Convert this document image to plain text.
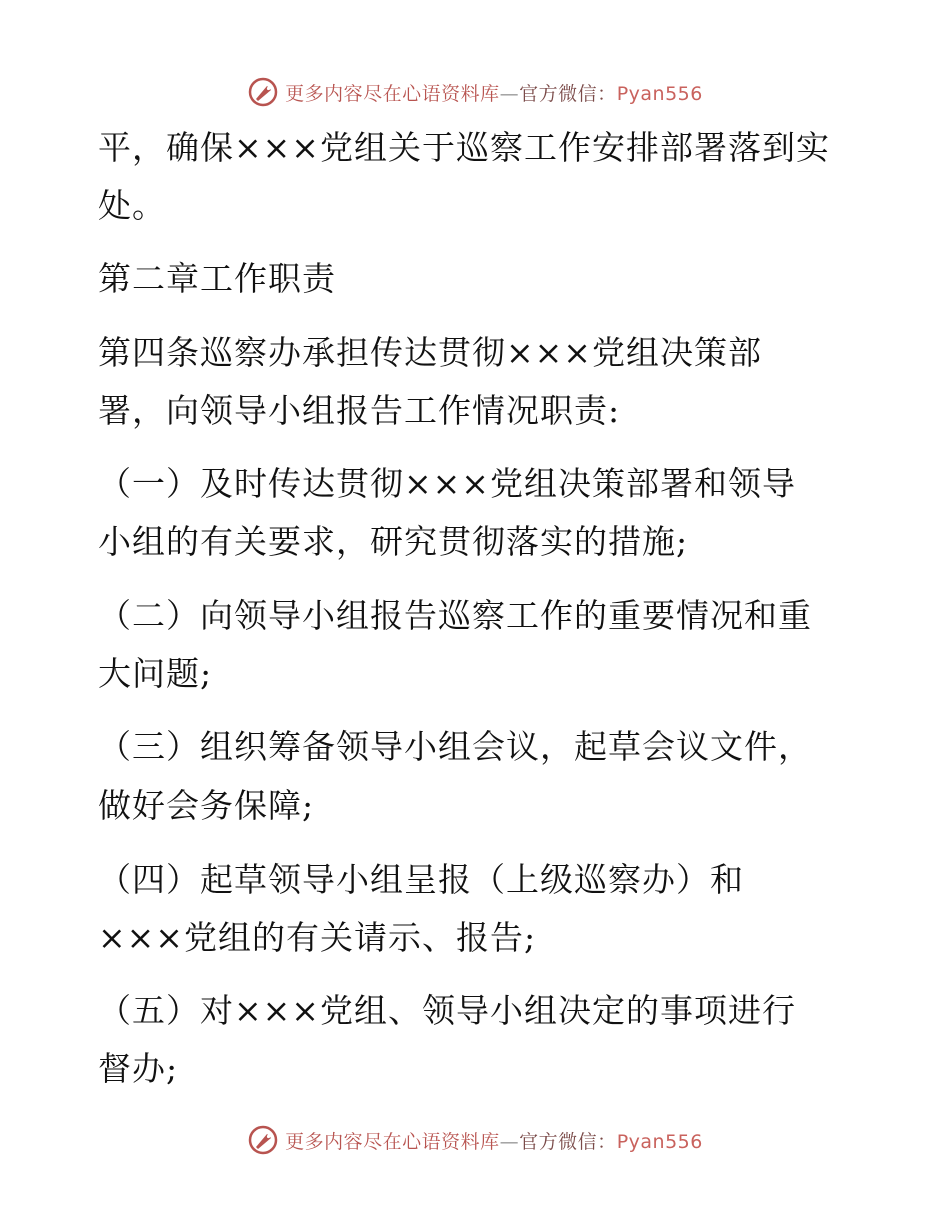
更多内容尽在心语资料库—官方微信：Pyan556
平，确保×××党组关于巡察工作安排部署落到实
处。
第二章工作职责
第四条巡察办承担传达贯彻×××党组决策部
署，向领导小组报告工作情况职责:
（一）及时传达贯彻×××党组决策部署和领导
小组的有关要求，研究贯彻落实的措施;
（二）向领导小组报告巡察工作的重要情况和重
大问题;
（三）组织筹备领导小组会议，起草会议文件，
做好会务保障;
（四）起草领导小组呈报（上级巡察办）和
×××党组的有关请示、报告;
（五）对×××党组、领导小组决定的事项进行
督办;
更多内容尽在心语资料库—官方微信：Pyan556
